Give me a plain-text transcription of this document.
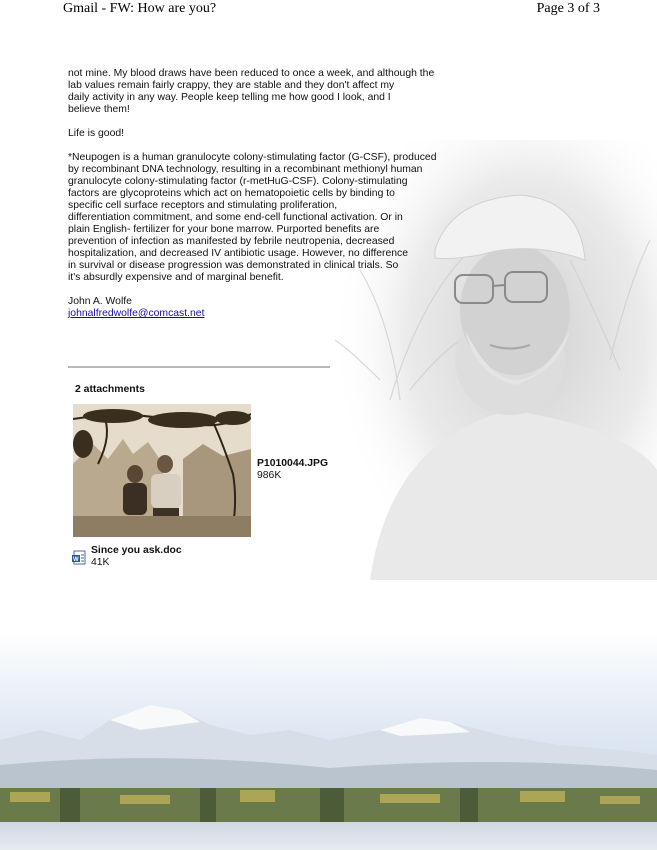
Gmail - FW: How are you?	Page 3 of 3

not mine. My blood draws have been reduced to once a week, and although the
lab values remain fairly crappy, they are stable and they don't affect my
daily activity in any way. People keep telling me how good I look, and I
believe them!

Life is good!

*Neupogen is a human granulocyte colony-stimulating factor (G-CSF), produced
by recombinant DNA technology, resulting in a recombinant methionyl human
granulocyte colony-stimulating factor (r-metHuG-CSF). Colony-stimulating
factors are glycoproteins which act on hematopoietic cells by binding to
specific cell surface receptors and stimulating proliferation,
differentiation commitment, and some end-cell functional activation. Or in
plain English- fertilizer for your bone marrow. Purported benefits are
prevention of infection as manifested by febrile neutropenia, decreased
hospitalization, and decreased IV antibiotic usage. However, no difference
in survival or disease progression was demonstrated in clinical trials. So
it's absurdly expensive and of marginal benefit.

John A. Wolfe
johnalfredwolfe@comcast.net

2 attachments
P1010044.JPG
986K
W
Since you ask.doc
41K
